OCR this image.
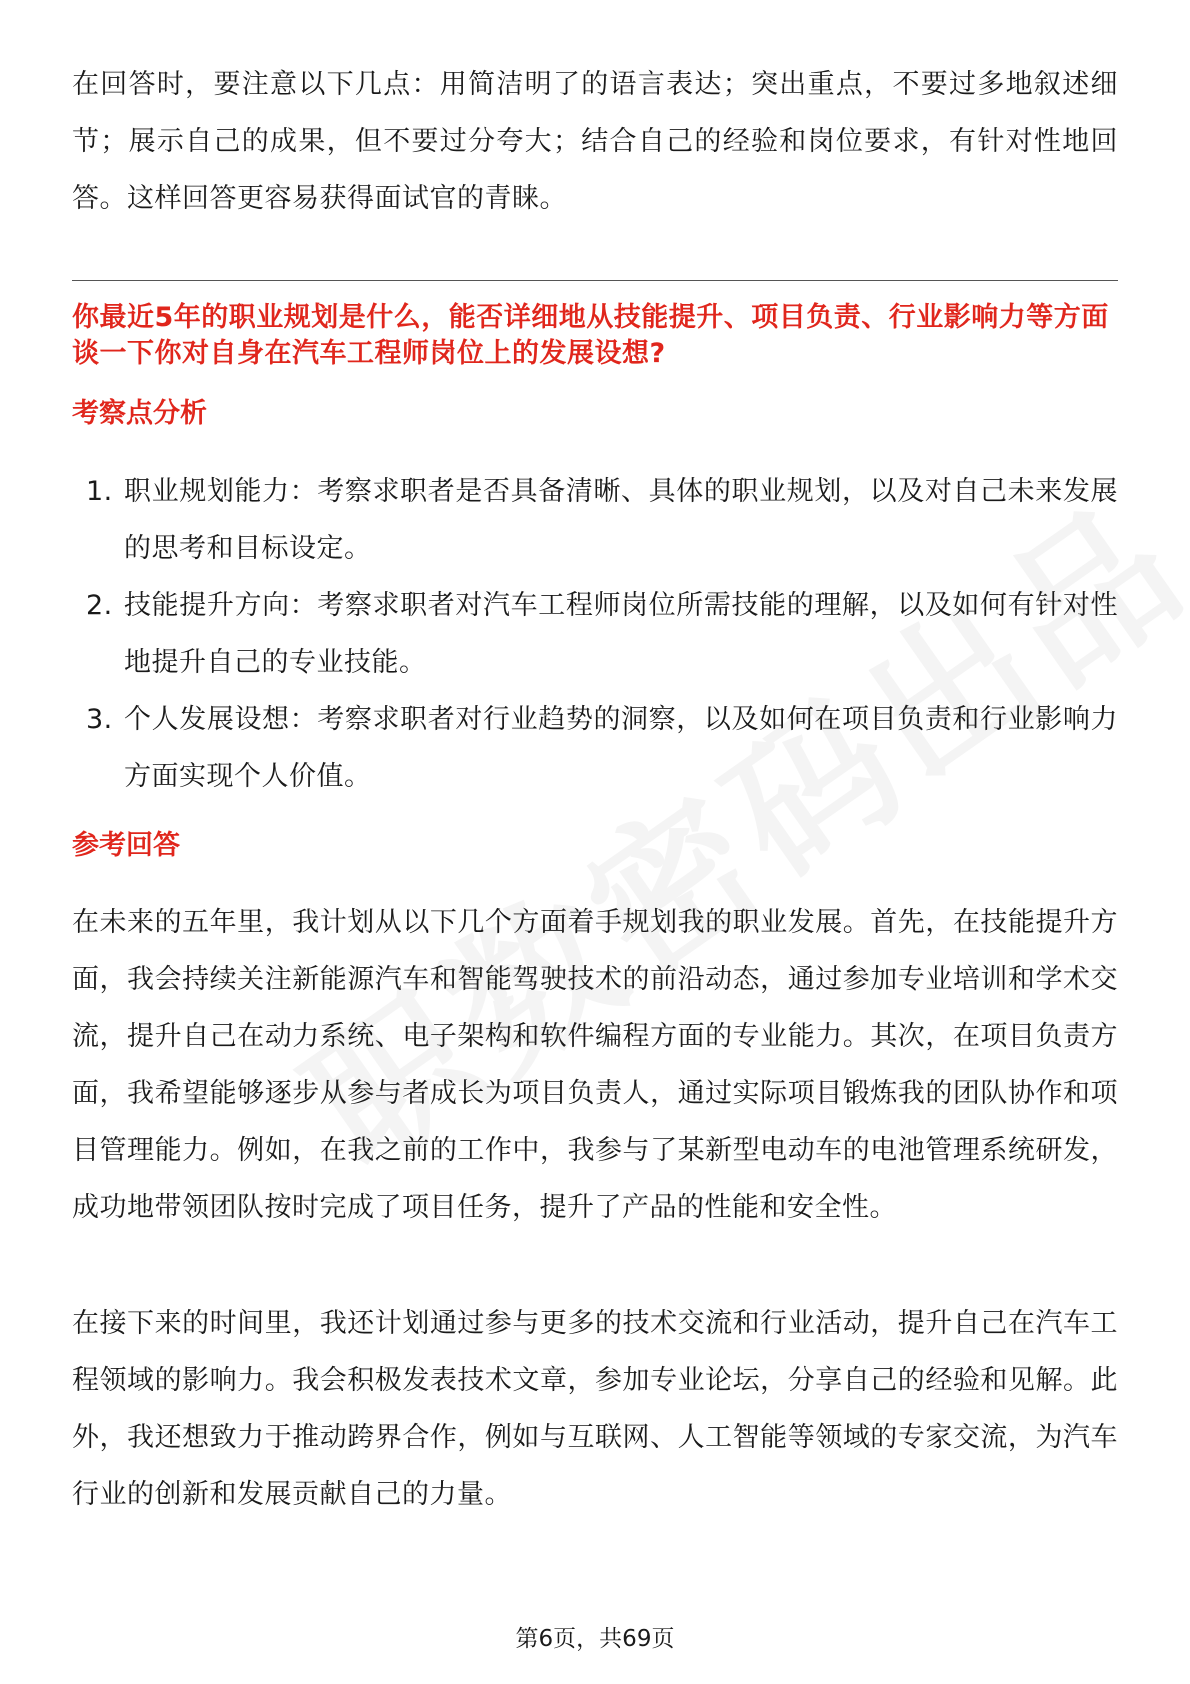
在回答时，要注意以下几点：用简洁明了的语言表达；突出重点，不要过多地叙述细节；展示自己的成果，但不要过分夸大；结合自己的经验和岗位要求，有针对性地回答。这样回答更容易获得面试官的青睐。

你最近5年的职业规划是什么，能否详细地从技能提升、项目负责、行业影响力等方面谈一下你对自身在汽车工程师岗位上的发展设想?

考察点分析

1. 职业规划能力：考察求职者是否具备清晰、具体的职业规划，以及对自己未来发展的思考和目标设定。
2. 技能提升方向：考察求职者对汽车工程师岗位所需技能的理解，以及如何有针对性地提升自己的专业技能。
3. 个人发展设想：考察求职者对行业趋势的洞察，以及如何在项目负责和行业影响力方面实现个人价值。

参考回答

在未来的五年里，我计划从以下几个方面着手规划我的职业发展。首先，在技能提升方面，我会持续关注新能源汽车和智能驾驶技术的前沿动态，通过参加专业培训和学术交流，提升自己在动力系统、电子架构和软件编程方面的专业能力。其次，在项目负责方面，我希望能够逐步从参与者成长为项目负责人，通过实际项目锻炼我的团队协作和项目管理能力。例如，在我之前的工作中，我参与了某新型电动车的电池管理系统研发，成功地带领团队按时完成了项目任务，提升了产品的性能和安全性。

在接下来的时间里，我还计划通过参与更多的技术交流和行业活动，提升自己在汽车工程领域的影响力。我会积极发表技术文章，参加专业论坛，分享自己的经验和见解。此外，我还想致力于推动跨界合作，例如与互联网、人工智能等领域的专家交流，为汽车行业的创新和发展贡献自己的力量。

第6页，共69页
